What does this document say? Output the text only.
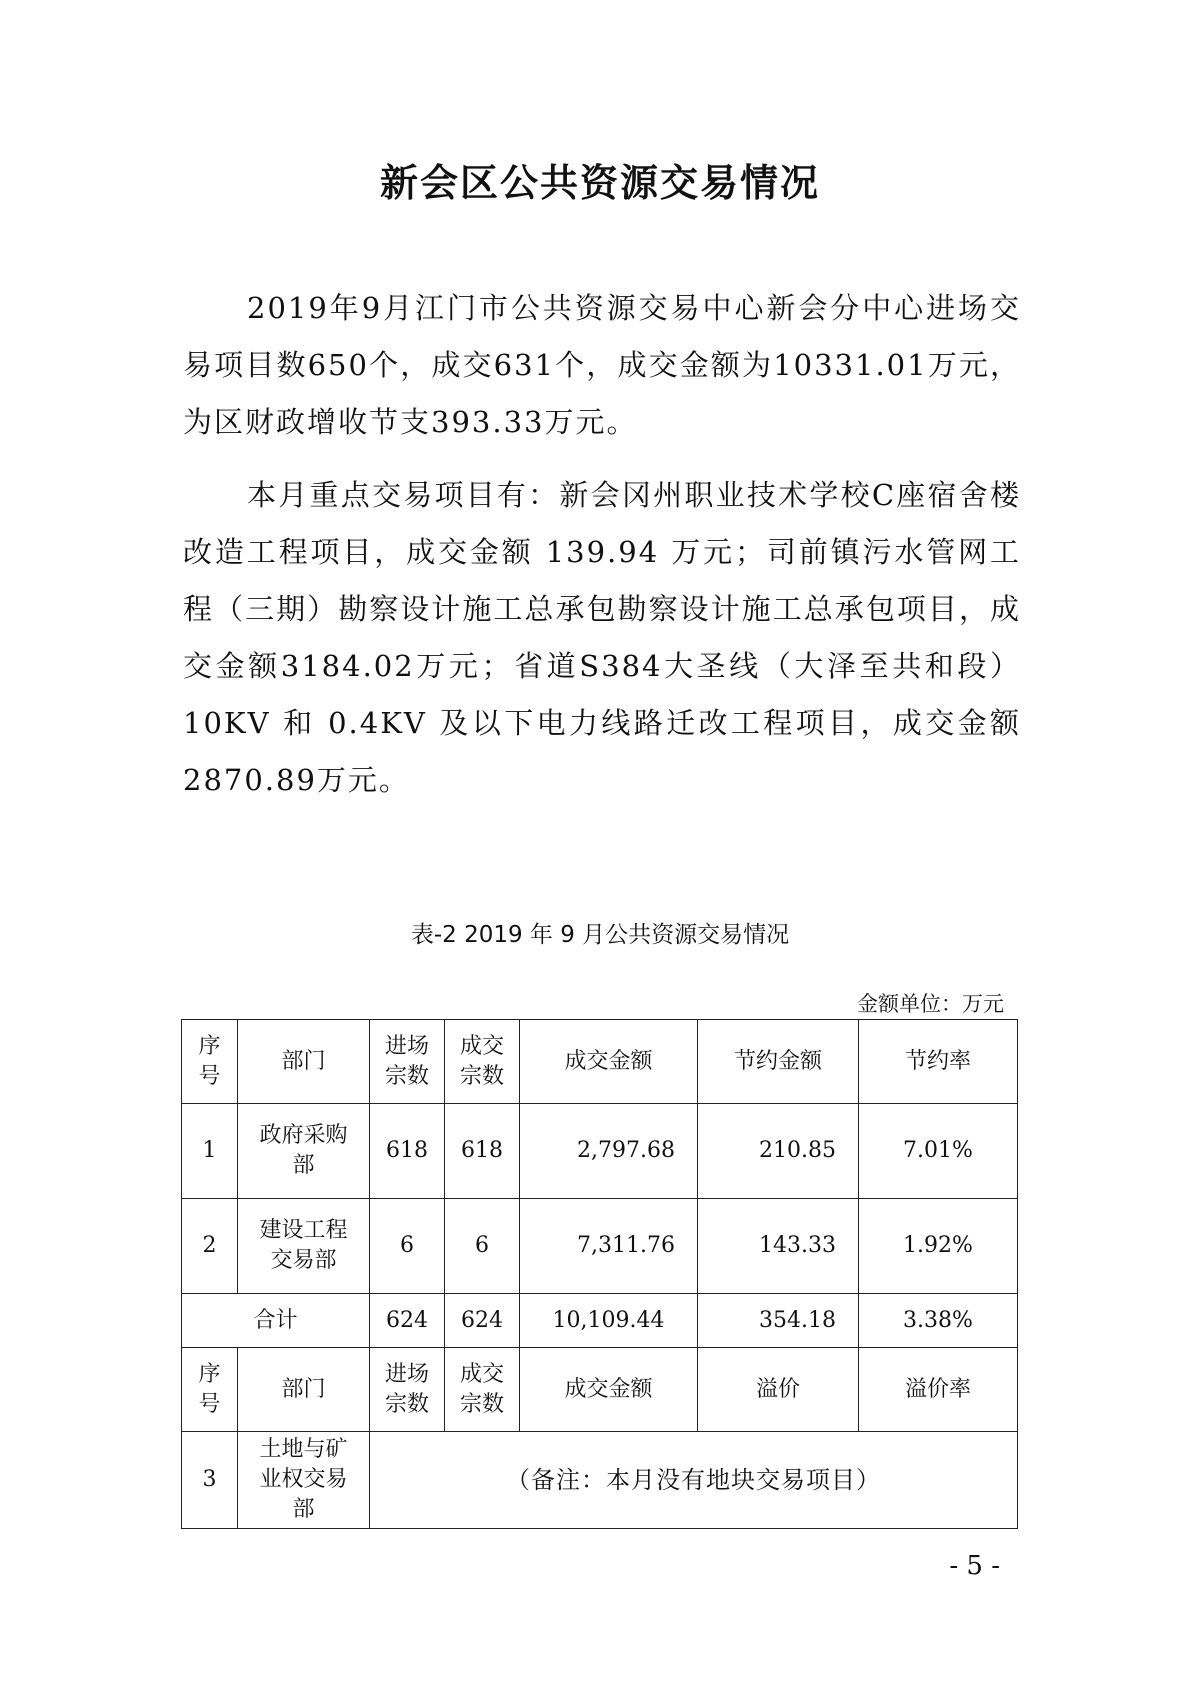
新会区公共资源交易情况

2019年9月江门市公共资源交易中心新会分中心进场交易项目数650个，成交631个，成交金额为10331.01万元，为区财政增收节支393.33万元。

本月重点交易项目有：新会冈州职业技术学校C座宿舍楼改造工程项目，成交金额 139.94 万元；司前镇污水管网工程（三期）勘察设计施工总承包勘察设计施工总承包项目，成交金额3184.02万元；省道S384大圣线（大泽至共和段）10KV 和 0.4KV 及以下电力线路迁改工程项目，成交金额2870.89万元。

表-2 2019 年 9 月公共资源交易情况
金额单位：万元
序号	部门	进场宗数	成交宗数	成交金额	节约金额	节约率
1	政府采购部	618	618	2,797.68	210.85	7.01%
2	建设工程交易部	6	6	7,311.76	143.33	1.92%
合计		624	624	10,109.44	354.18	3.38%
序号	部门	进场宗数	成交宗数	成交金额	溢价	溢价率
3	土地与矿业权交易部	（备注：本月没有地块交易项目）				
- 5 -
